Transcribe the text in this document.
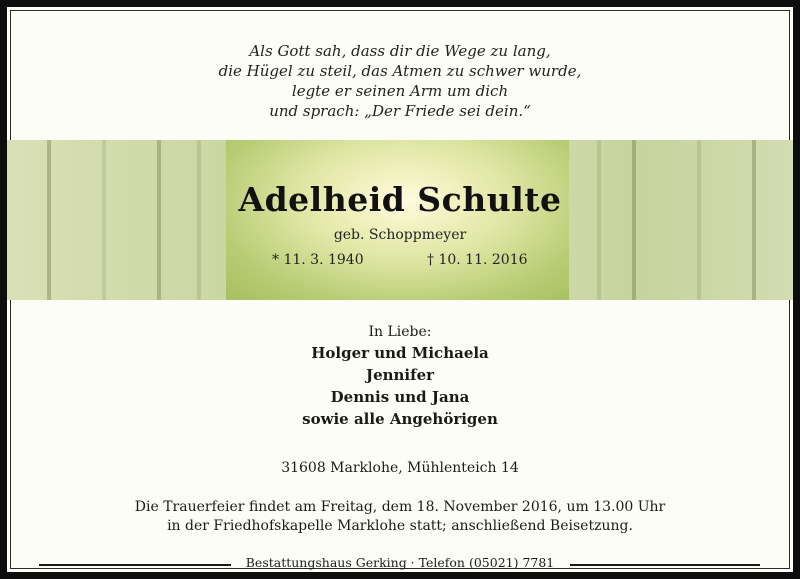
Als Gott sah, dass dir die Wege zu lang,
die Hügel zu steil, das Atmen zu schwer wurde,
legte er seinen Arm um dich
und sprach: „Der Friede sei dein.“
Adelheid Schulte
geb. Schoppmeyer
* 11. 3. 1940	† 10. 11. 2016
In Liebe:
Holger und Michaela
Jennifer
Dennis und Jana
sowie alle Angehörigen
31608 Marklohe, Mühlenteich 14
Die Trauerfeier findet am Freitag, dem 18. November 2016, um 13.00 Uhr
in der Friedhofskapelle Marklohe statt; anschließend Beisetzung.
Bestattungshaus Gerking · Telefon (05021) 7781
